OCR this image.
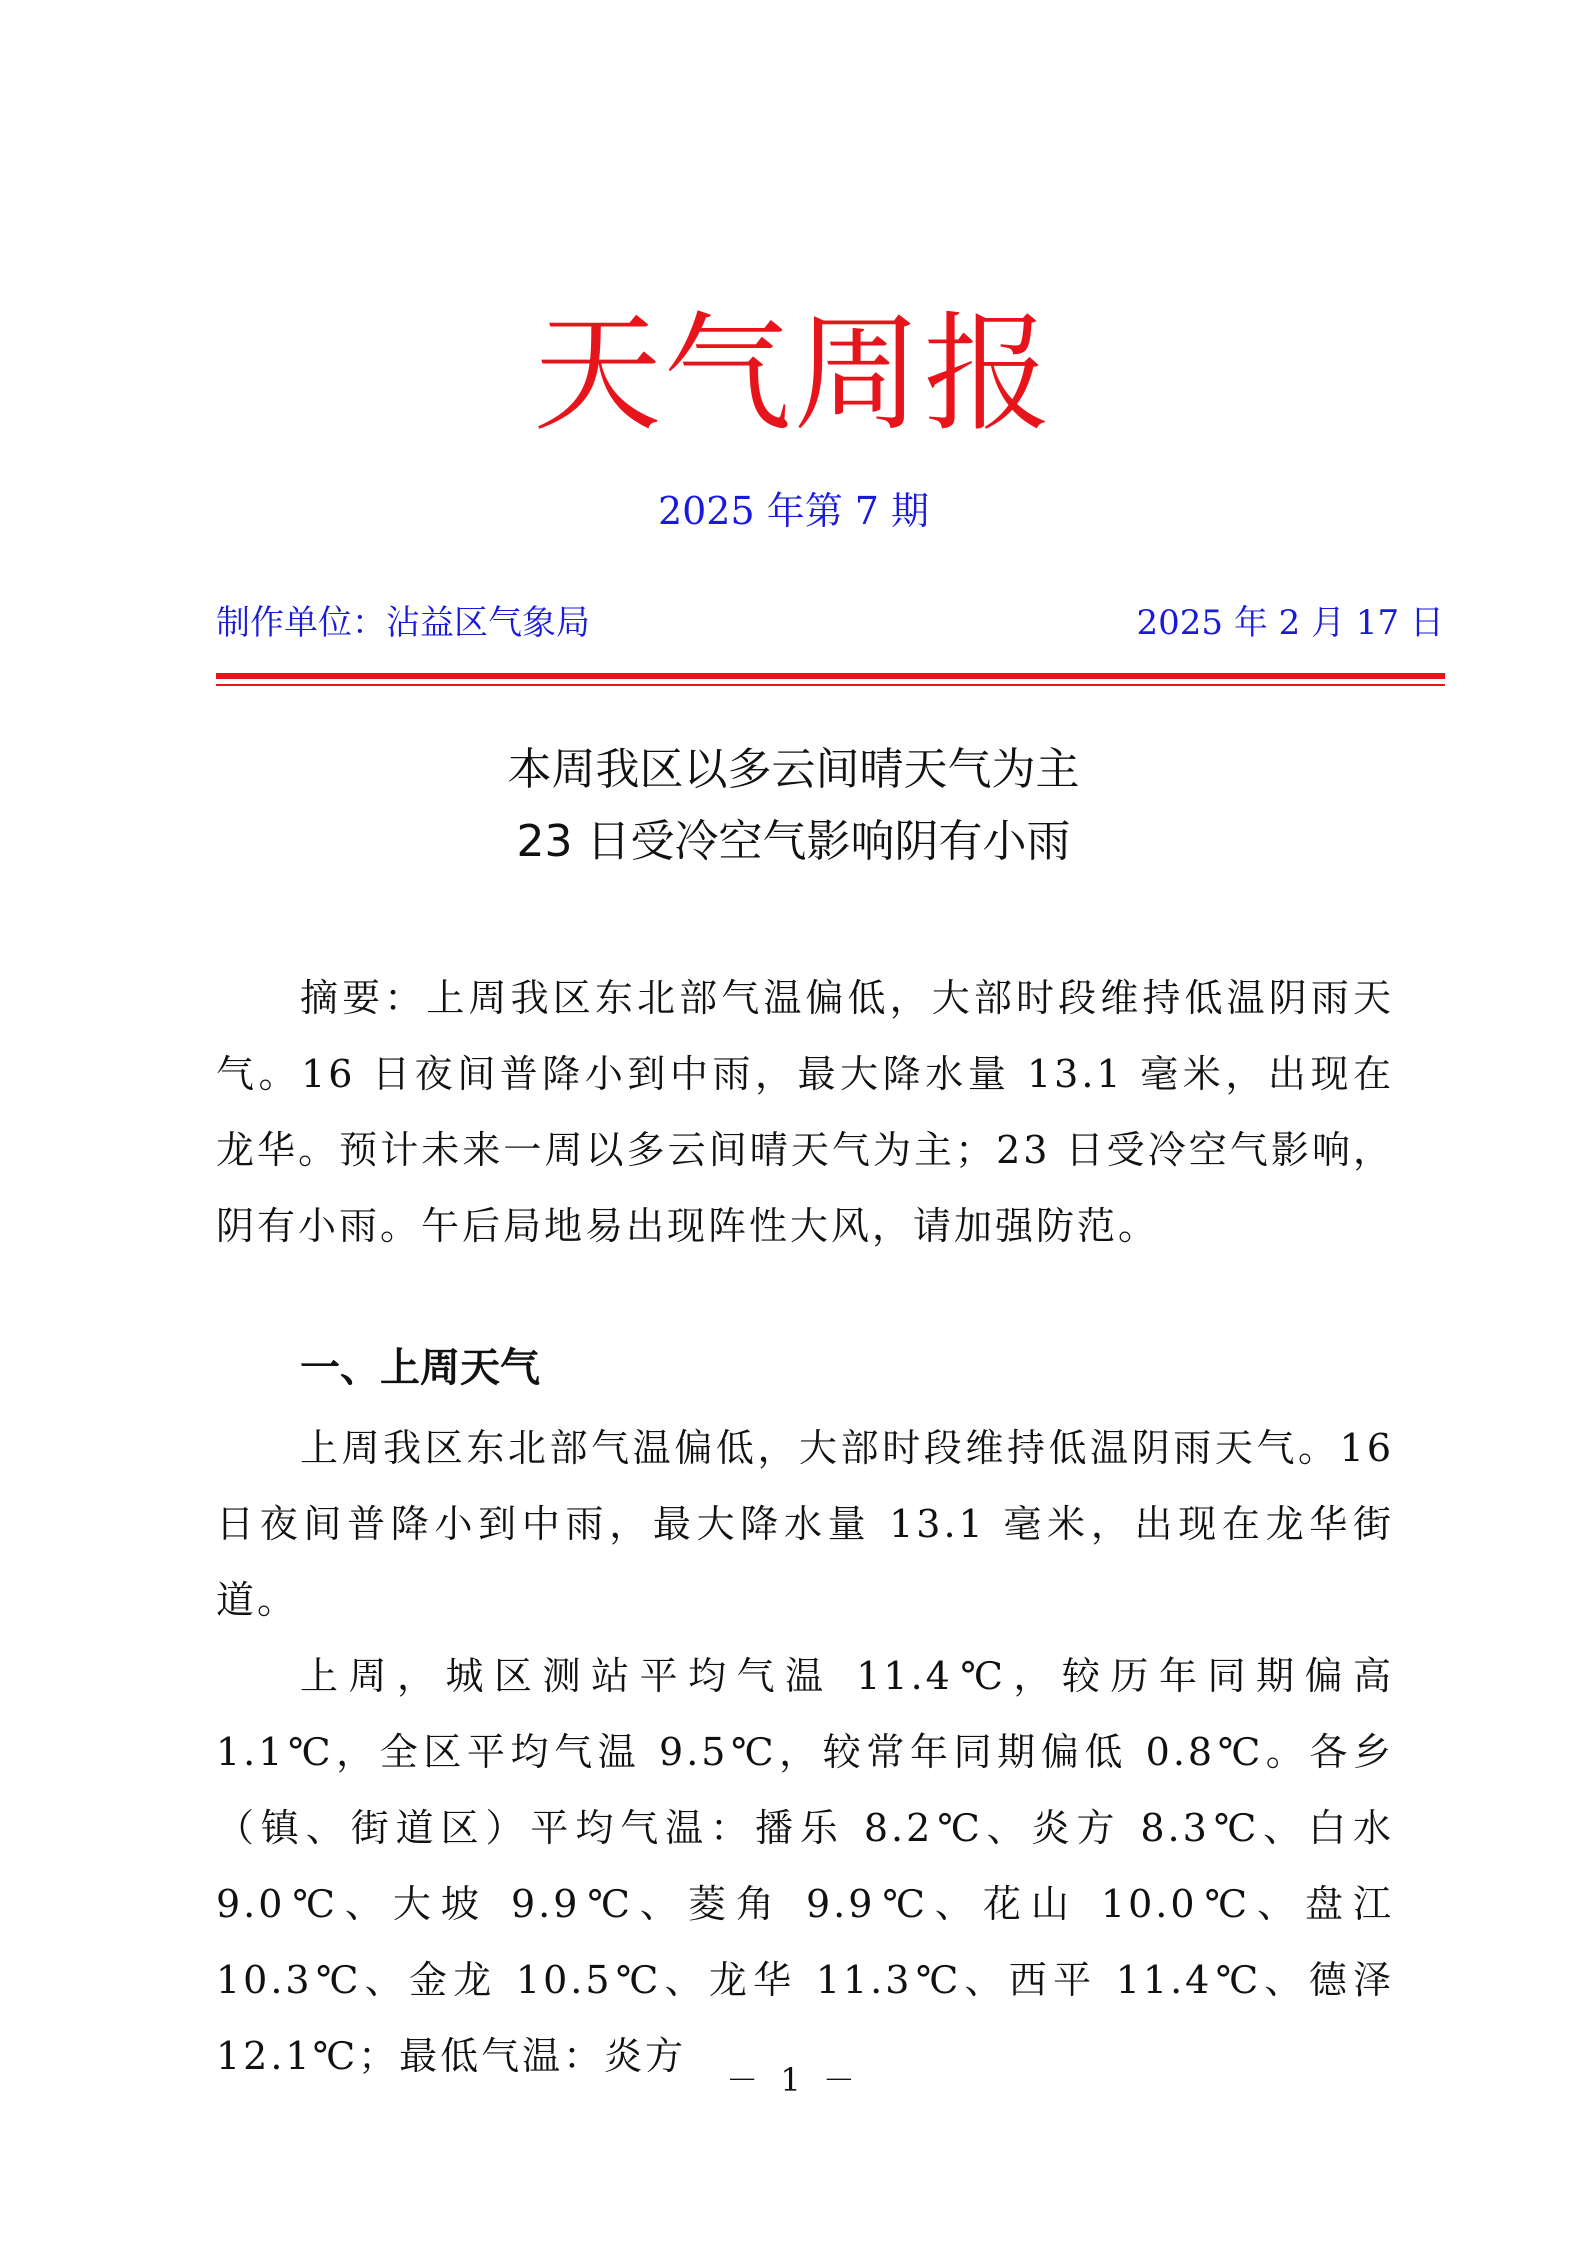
天气周报
2025 年第 7 期
制作单位：沾益区气象局	2025 年 2 月 17 日
本周我区以多云间晴天气为主
23 日受冷空气影响阴有小雨

摘要：上周我区东北部气温偏低，大部时段维持低温阴雨天气。16 日夜间普降小到中雨，最大降水量 13.1 毫米，出现在龙华。预计未来一周以多云间晴天气为主；23 日受冷空气影响，阴有小雨。午后局地易出现阵性大风，请加强防范。

一、上周天气

上周我区东北部气温偏低，大部时段维持低温阴雨天气。16 日夜间普降小到中雨，最大降水量 13.1 毫米，出现在龙华街道。

上周，城区测站平均气温 11.4℃，较历年同期偏高 1.1℃，全区平均气温 9.5℃，较常年同期偏低 0.8℃。各乡（镇、街道区）平均气温：播乐 8.2℃、炎方 8.3℃、白水 9.0℃、大坡 9.9℃、菱角 9.9℃、花山 10.0℃、盘江 10.3℃、金龙 10.5℃、龙华 11.3℃、西平 11.4℃、德泽 12.1℃；最低气温：炎方

－ 1 －
